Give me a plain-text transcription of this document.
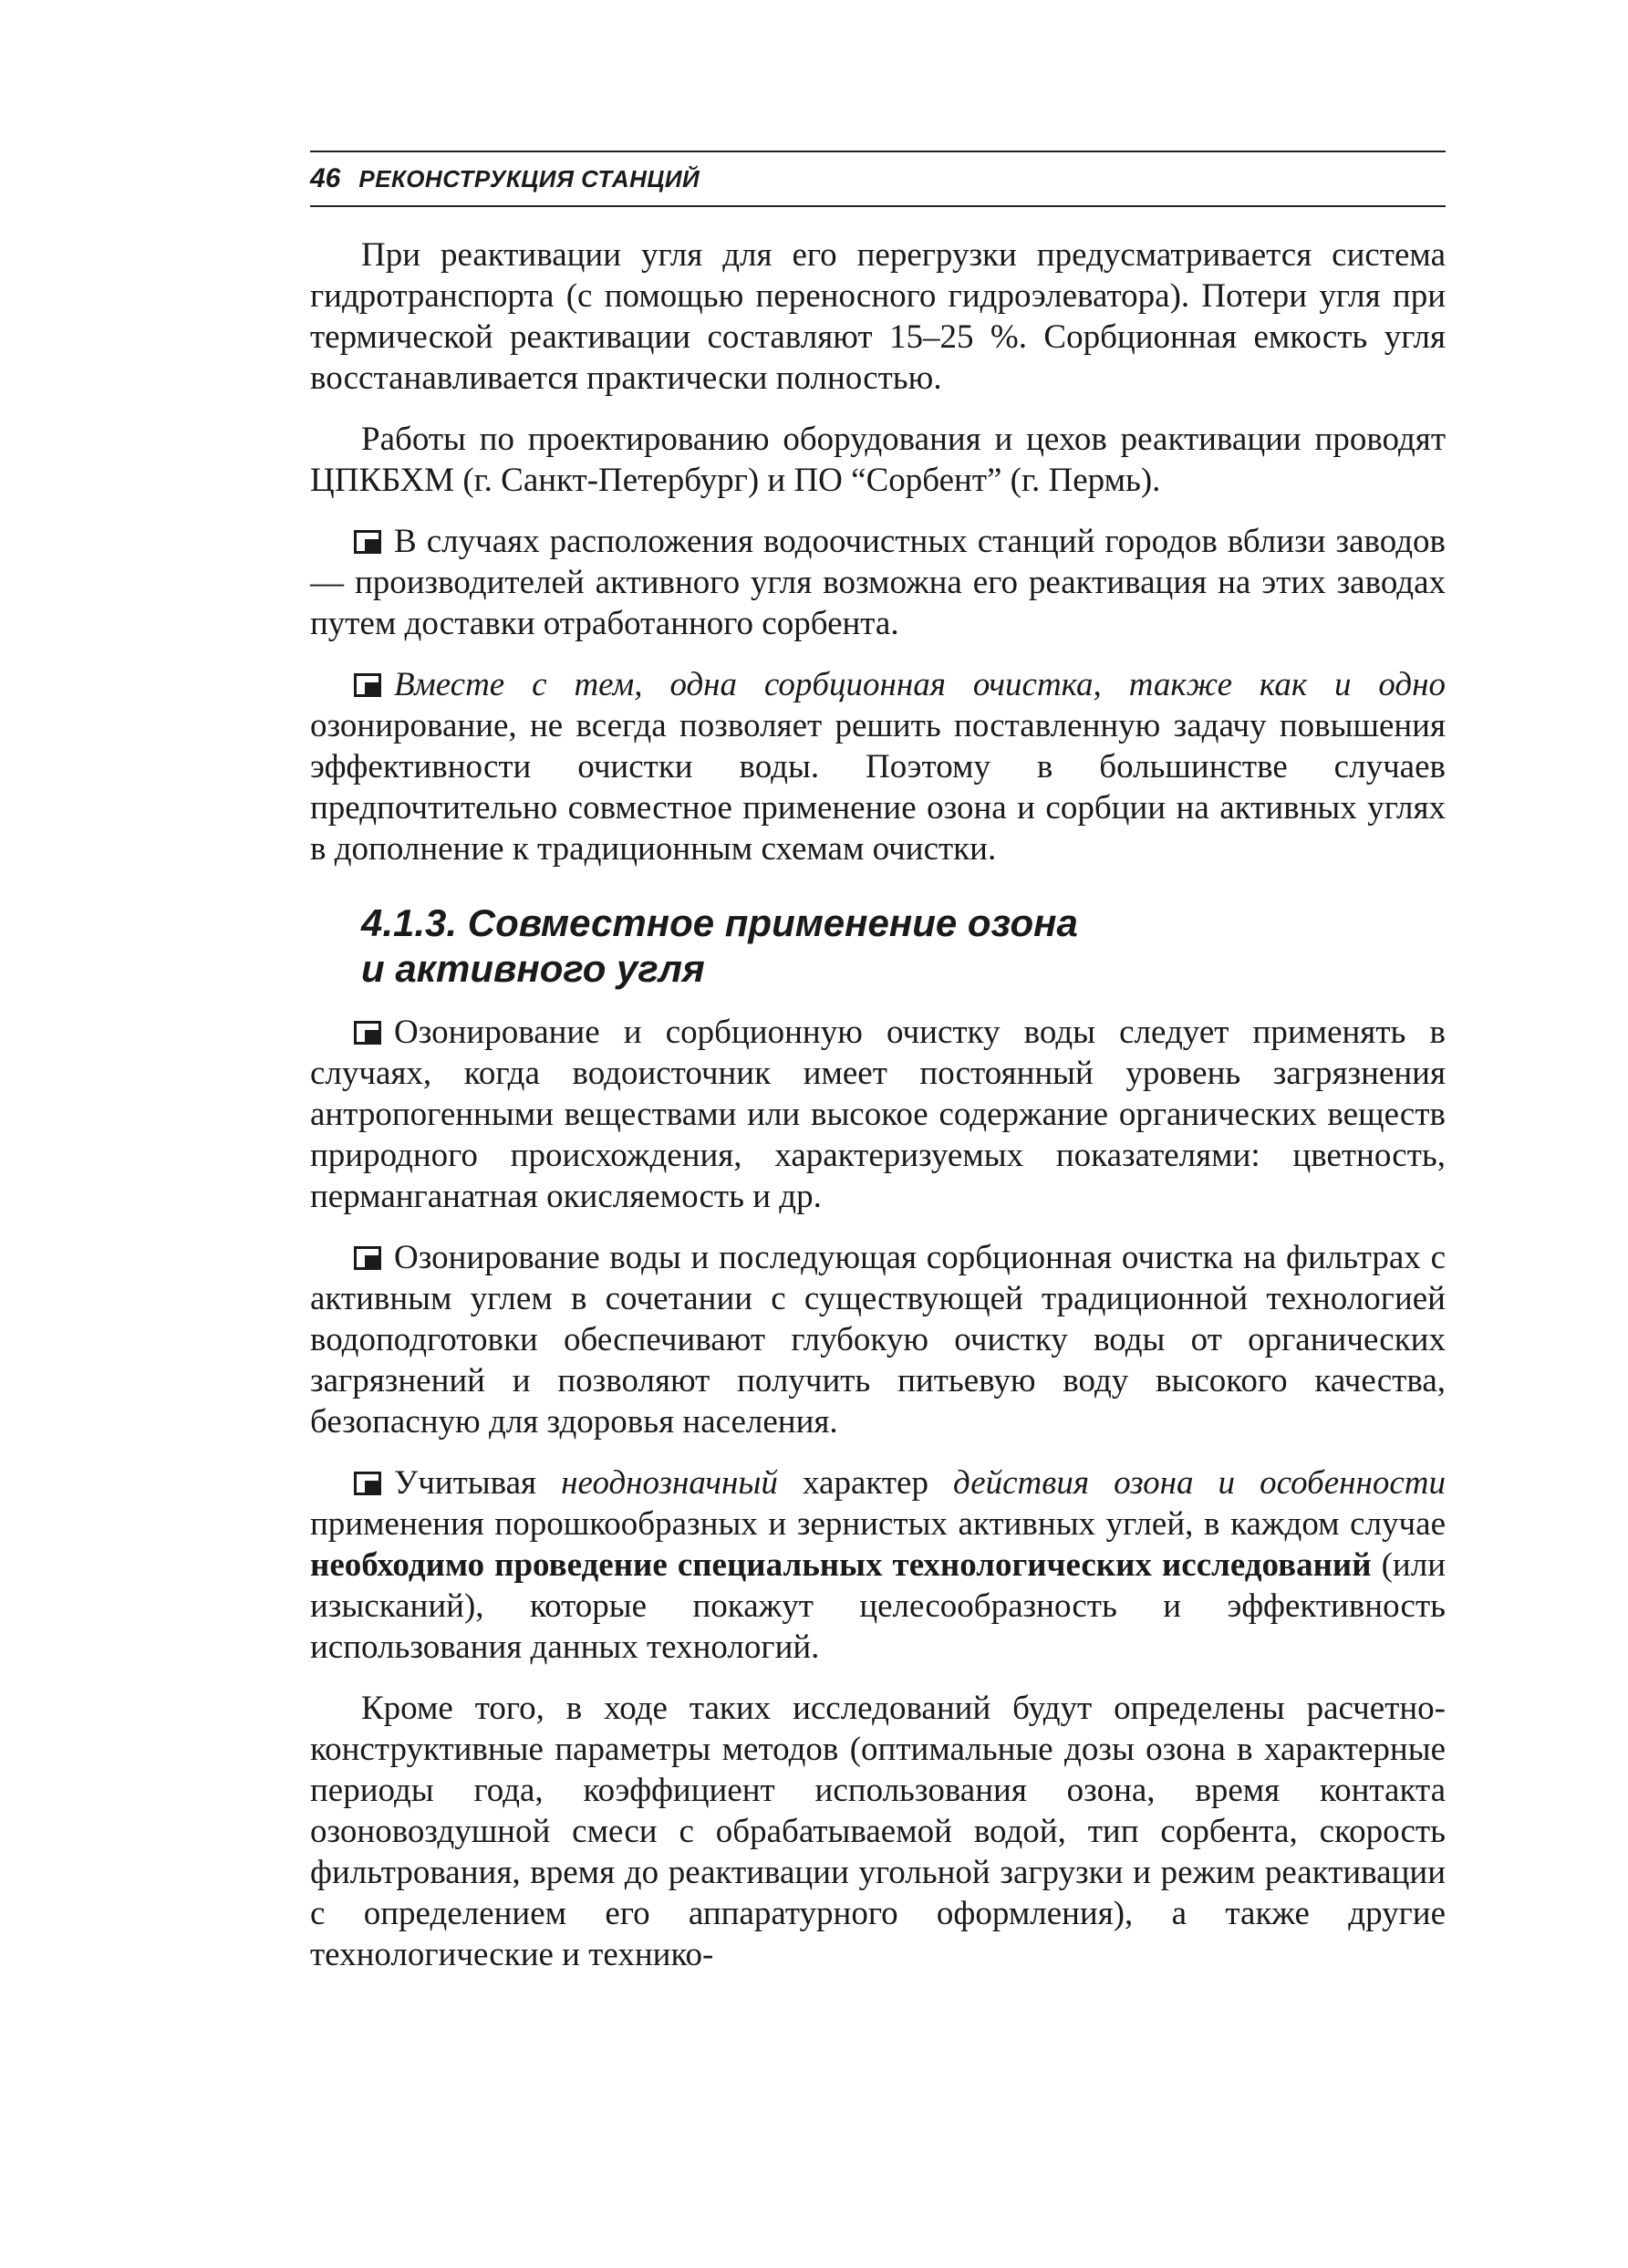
46 РЕКОНСТРУКЦИЯ СТАНЦИЙ

При реактивации угля для его перегрузки предусматривается система гидротранспорта (с помощью переносного гидроэлеватора). Потери угля при термической реактивации составляют 15–25 %. Сорбционная емкость угля восстанавливается практически полностью.

Работы по проектированию оборудования и цехов реактивации проводят ЦПКБХМ (г. Санкт-Петербург) и ПО “Сорбент” (г. Пермь).

В случаях расположения водоочистных станций городов вблизи заводов — производителей активного угля возможна его реактивация на этих заводах путем доставки отработанного сорбента.

Вместе с тем, одна сорбционная очистка, также как и одно озонирование, не всегда позволяет решить поставленную задачу повышения эффективности очистки воды. Поэтому в большинстве случаев предпочтительно совместное применение озона и сорбции на активных углях в дополнение к традиционным схемам очистки.

4.1.3. Совместное применение озона
и активного угля

Озонирование и сорбционную очистку воды следует применять в случаях, когда водоисточник имеет постоянный уровень загрязнения антропогенными веществами или высокое содержание органических веществ природного происхождения, характеризуемых показателями: цветность, перманганатная окисляемость и др.

Озонирование воды и последующая сорбционная очистка на фильтрах с активным углем в сочетании с существующей традиционной технологией водоподготовки обеспечивают глубокую очистку воды от органических загрязнений и позволяют получить питьевую воду высокого качества, безопасную для здоровья населения.

Учитывая неоднозначный характер действия озона и особенности применения порошкообразных и зернистых активных углей, в каждом случае необходимо проведение специальных технологических исследований (или изысканий), которые покажут целесообразность и эффективность использования данных технологий.

Кроме того, в ходе таких исследований будут определены расчетно-конструктивные параметры методов (оптимальные дозы озона в характерные периоды года, коэффициент использования озона, время контакта озоновоздушной смеси с обрабатываемой водой, тип сорбента, скорость фильтрования, время до реактивации угольной загрузки и режим реактивации с определением его аппаратурного оформления), а также другие технологические и технико-
